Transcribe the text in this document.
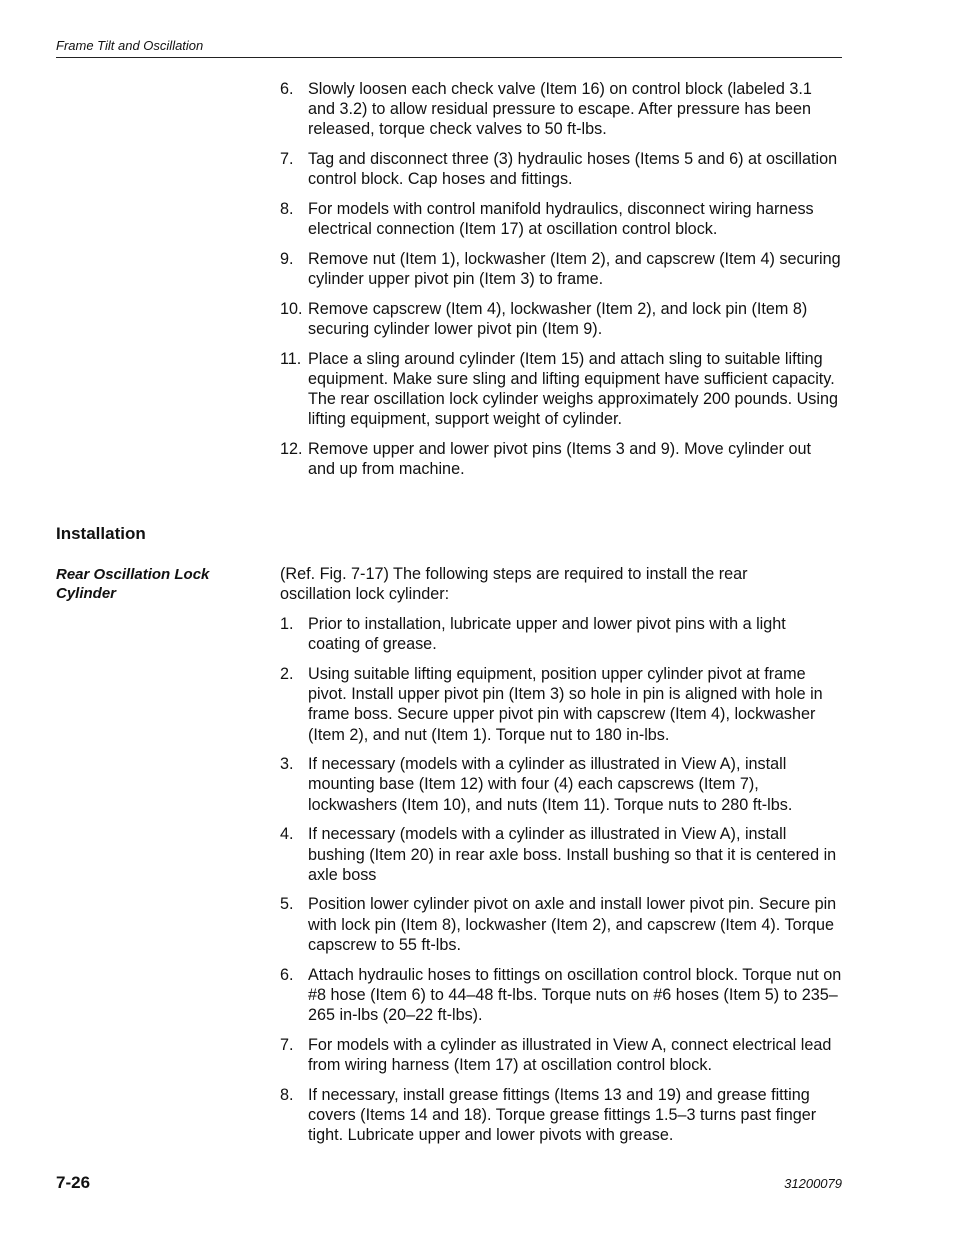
Frame Tilt and Oscillation
6. Slowly loosen each check valve (Item 16) on control block (labeled 3.1 and 3.2) to allow residual pressure to escape. After pressure has been released, torque check valves to 50 ft-lbs.
7. Tag and disconnect three (3) hydraulic hoses (Items 5 and 6) at oscillation control block. Cap hoses and fittings.
8. For models with control manifold hydraulics, disconnect wiring harness electrical connection (Item 17) at oscillation control block.
9. Remove nut (Item 1), lockwasher (Item 2), and capscrew (Item 4) securing cylinder upper pivot pin (Item 3) to frame.
10. Remove capscrew (Item 4), lockwasher (Item 2), and lock pin (Item 8) securing cylinder lower pivot pin (Item 9).
11. Place a sling around cylinder (Item 15) and attach sling to suitable lifting equipment. Make sure sling and lifting equipment have sufficient capacity. The rear oscillation lock cylinder weighs approximately 200 pounds. Using lifting equipment, support weight of cylinder.
12. Remove upper and lower pivot pins (Items 3 and 9). Move cylinder out and up from machine.
Installation
Rear Oscillation Lock Cylinder
(Ref. Fig. 7-17) The following steps are required to install the rear oscillation lock cylinder:
1. Prior to installation, lubricate upper and lower pivot pins with a light coating of grease.
2. Using suitable lifting equipment, position upper cylinder pivot at frame pivot. Install upper pivot pin (Item 3) so hole in pin is aligned with hole in frame boss. Secure upper pivot pin with capscrew (Item 4), lockwasher (Item 2), and nut (Item 1). Torque nut to 180 in-lbs.
3. If necessary (models with a cylinder as illustrated in View A), install mounting base (Item 12) with four (4) each capscrews (Item 7), lockwashers (Item 10), and nuts (Item 11). Torque nuts to 280 ft-lbs.
4. If necessary (models with a cylinder as illustrated in View A), install bushing (Item 20) in rear axle boss. Install bushing so that it is centered in axle boss
5. Position lower cylinder pivot on axle and install lower pivot pin. Secure pin with lock pin (Item 8), lockwasher (Item 2), and capscrew (Item 4). Torque capscrew to 55 ft-lbs.
6. Attach hydraulic hoses to fittings on oscillation control block. Torque nut on #8 hose (Item 6) to 44–48 ft-lbs. Torque nuts on #6 hoses (Item 5) to 235–265 in-lbs (20–22 ft-lbs).
7. For models with a cylinder as illustrated in View A, connect electrical lead from wiring harness (Item 17) at oscillation control block.
8. If necessary, install grease fittings (Items 13 and 19) and grease fitting covers (Items 14 and 18). Torque grease fittings 1.5–3 turns past finger tight. Lubricate upper and lower pivots with grease.
7-26	31200079
